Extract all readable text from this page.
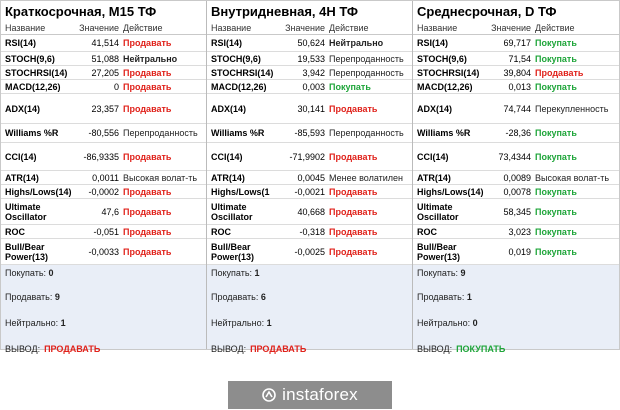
Краткосрочная, M15 ТФ
Название	Значение Действие
RSI(14)	41,514 Продавать
STOCH(9,6)	51,088 Нейтрально
STOCHRSI(14)	27,205 Продавать
MACD(12,26)	0 Продавать
ADX(14)	23,357 Продавать
Williams %R	-80,556 Перепроданность
CCI(14)	-86,9335 Продавать
ATR(14)	0,0011 Высокая волат-ть
Highs/Lows(14)	-0,0002 Продавать
Ultimate Oscillator	47,6 Продавать
ROC	-0,051 Продавать
Bull/Bear Power(13)	-0,0033 Продавать
Покупать: 0
Продавать: 9
Нейтрально: 1
ВЫВОД: ПРОДАВАТЬ
Внутридневная, 4H ТФ
Название	Значение Действие
RSI(14)	50,624 Нейтрально
STOCH(9,6)	19,533 Перепроданность
STOCHRSI(14)	3,942 Перепроданность
MACD(12,26)	0,003 Покупать
ADX(14)	30,141 Продавать
Williams %R	-85,593 Перепроданность
CCI(14)	-71,9902 Продавать
ATR(14)	0,0045 Менее волатилен
Highs/Lows(1	-0,0021 Продавать
Ultimate Oscillator	40,668 Продавать
ROC	-0,318 Продавать
Bull/Bear Power(13)	-0,0025 Продавать
Покупать: 1
Продавать: 6
Нейтрально: 1
ВЫВОД: ПРОДАВАТЬ
Среднесрочная, D ТФ
Название	Значение Действие
RSI(14)	69,717 Покупать
STOCH(9,6)	71,54 Покупать
STOCHRSI(14)	39,804 Продавать
MACD(12,26)	0,013 Покупать
ADX(14)	74,744 Перекупленность
Williams %R	-28,36 Покупать
CCI(14)	73,4344 Покупать
ATR(14)	0,0089 Высокая волат-ть
Highs/Lows(14)	0,0078 Покупать
Ultimate Oscillator	58,345 Покупать
ROC	3,023 Покупать
Bull/Bear Power(13)	0,019 Покупать
Покупать: 9
Продавать: 1
Нейтрально: 0
ВЫВОД: ПОКУПАТЬ
instaforex
